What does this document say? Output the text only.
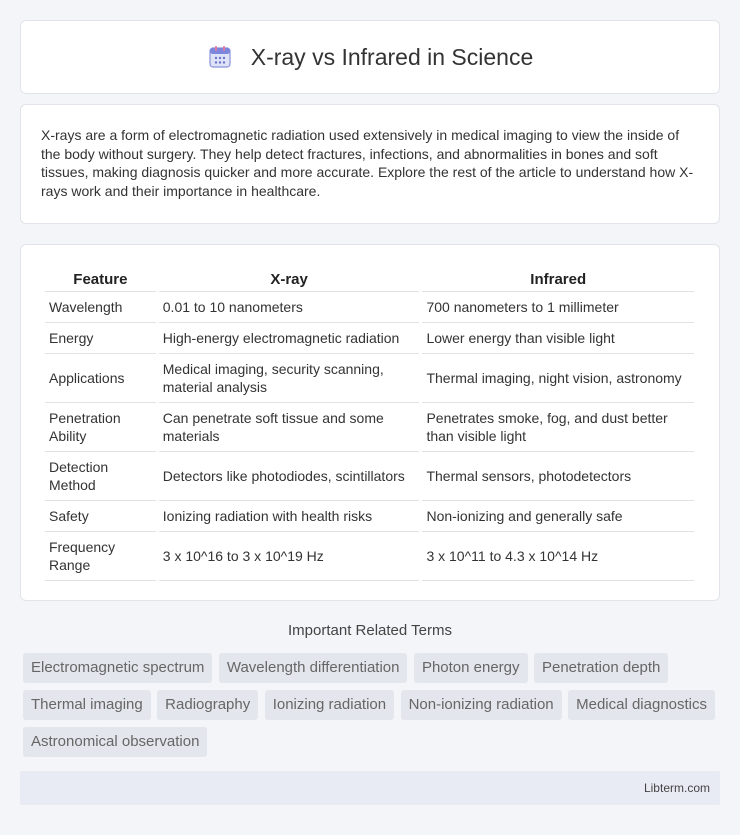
X-ray vs Infrared in Science

X-rays are a form of electromagnetic radiation used extensively in medical imaging to view the inside of the body without surgery. They help detect fractures, infections, and abnormalities in bones and soft tissues, making diagnosis quicker and more accurate. Explore the rest of the article to understand how X-rays work and their importance in healthcare.

Feature	X-ray	Infrared
Wavelength	0.01 to 10 nanometers	700 nanometers to 1 millimeter
Energy	High-energy electromagnetic radiation	Lower energy than visible light
Applications	Medical imaging, security scanning, material analysis	Thermal imaging, night vision, astronomy
Penetration Ability	Can penetrate soft tissue and some materials	Penetrates smoke, fog, and dust better than visible light
Detection Method	Detectors like photodiodes, scintillators	Thermal sensors, photodetectors
Safety	Ionizing radiation with health risks	Non-ionizing and generally safe
Frequency Range	3 x 10^16 to 3 x 10^19 Hz	3 x 10^11 to 4.3 x 10^14 Hz
Important Related Terms
Electromagnetic spectrum Wavelength differentiation Photon energy Penetration depth Thermal imaging Radiography Ionizing radiation Non-ionizing radiation Medical diagnostics Astronomical observation
Libterm.com
